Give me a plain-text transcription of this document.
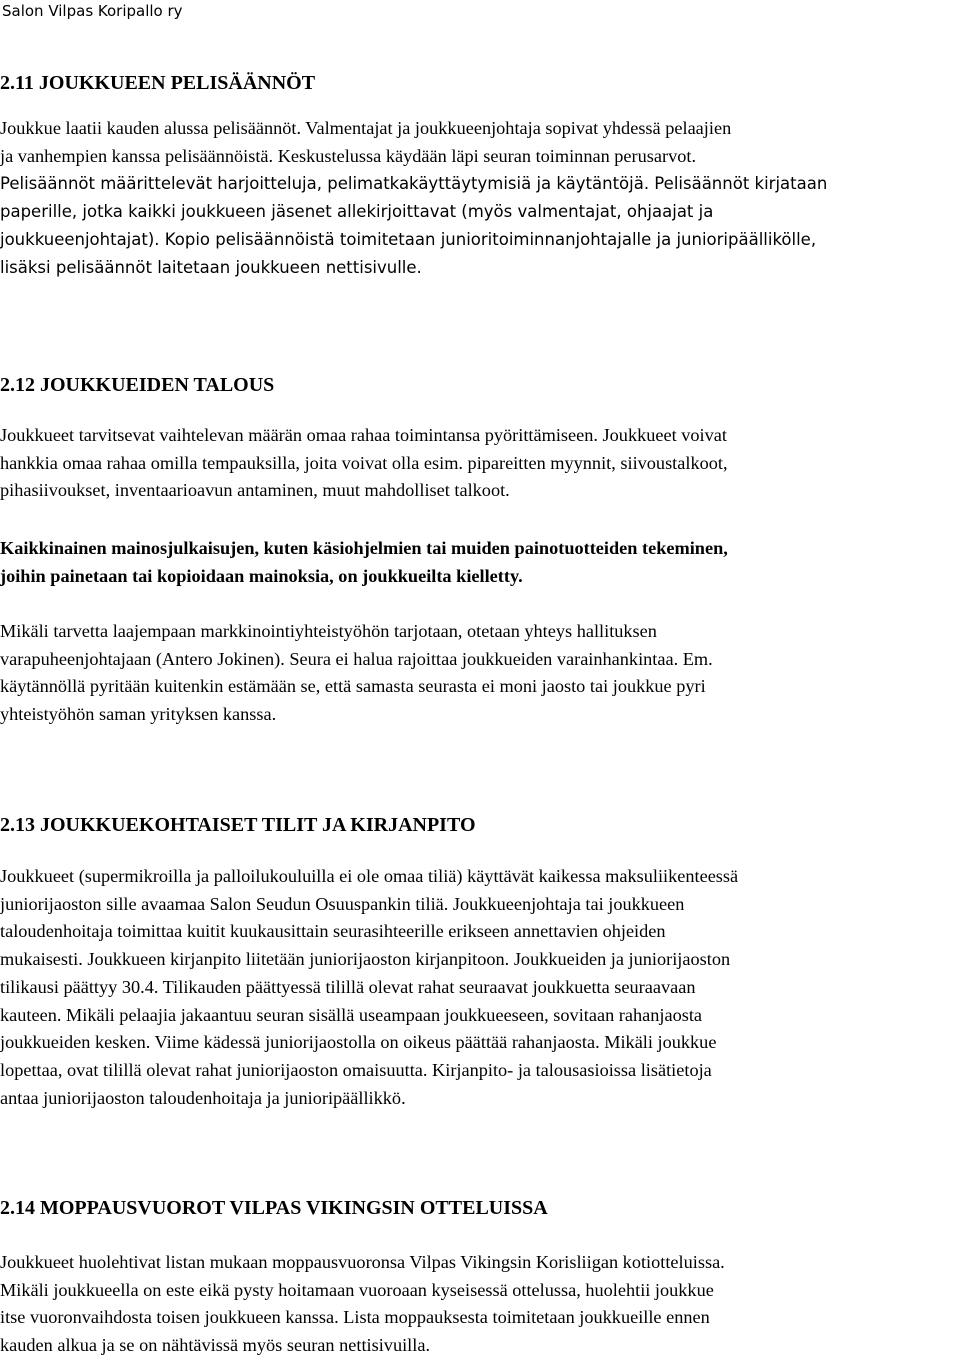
Salon Vilpas Koripallo ry
2.11 JOUKKUEEN PELISÄÄNNÖT

Joukkue laatii kauden alussa pelisäännöt. Valmentajat ja joukkueenjohtaja sopivat yhdessä pelaajien
ja vanhempien kanssa pelisäännöistä. Keskustelussa käydään läpi seuran toiminnan perusarvot.
Pelisäännöt määrittelevät harjoitteluja, pelimatkakäyttäytymisiä ja käytäntöjä. Pelisäännöt kirjataan
paperille, jotka kaikki joukkueen jäsenet allekirjoittavat (myös valmentajat, ohjaajat ja
joukkueenjohtajat). Kopio pelisäännöistä toimitetaan junioritoiminnanjohtajalle ja junioripäällikölle,
lisäksi pelisäännöt laitetaan joukkueen nettisivulle.

2.12 JOUKKUEIDEN TALOUS

Joukkueet tarvitsevat vaihtelevan määrän omaa rahaa toimintansa pyörittämiseen. Joukkueet voivat
hankkia omaa rahaa omilla tempauksilla, joita voivat olla esim. pipareitten myynnit, siivoustalkoot,
pihasiivoukset, inventaarioavun antaminen, muut mahdolliset talkoot.

Kaikkinainen mainosjulkaisujen, kuten käsiohjelmien tai muiden painotuotteiden tekeminen,
joihin painetaan tai kopioidaan mainoksia, on joukkueilta kielletty.

Mikäli tarvetta laajempaan markkinointiyhteistyöhön tarjotaan, otetaan yhteys hallituksen
varapuheenjohtajaan (Antero Jokinen). Seura ei halua rajoittaa joukkueiden varainhankintaa. Em.
käytännöllä pyritään kuitenkin estämään se, että samasta seurasta ei moni jaosto tai joukkue pyri
yhteistyöhön saman yrityksen kanssa.

2.13 JOUKKUEKOHTAISET TILIT JA KIRJANPITO

Joukkueet (supermikroilla ja palloilukouluilla ei ole omaa tiliä) käyttävät kaikessa maksuliikenteessä
juniorijaoston sille avaamaa Salon Seudun Osuuspankin tiliä. Joukkueenjohtaja tai joukkueen
taloudenhoitaja toimittaa kuitit kuukausittain seurasihteerille erikseen annettavien ohjeiden
mukaisesti. Joukkueen kirjanpito liitetään juniorijaoston kirjanpitoon. Joukkueiden ja juniorijaoston
tilikausi päättyy 30.4. Tilikauden päättyessä tilillä olevat rahat seuraavat joukkuetta seuraavaan
kauteen. Mikäli pelaajia jakaantuu seuran sisällä useampaan joukkueeseen, sovitaan rahanjaosta
joukkueiden kesken. Viime kädessä juniorijaostolla on oikeus päättää rahanjaosta. Mikäli joukkue
lopettaa, ovat tilillä olevat rahat juniorijaoston omaisuutta. Kirjanpito- ja talousasioissa lisätietoja
antaa juniorijaoston taloudenhoitaja ja junioripäällikkö.

2.14 MOPPAUSVUOROT VILPAS VIKINGSIN OTTELUISSA

Joukkueet huolehtivat listan mukaan moppausvuoronsa Vilpas Vikingsin Korisliigan kotiotteluissa.
Mikäli joukkueella on este eikä pysty hoitamaan vuoroaan kyseisessä ottelussa, huolehtii joukkue
itse vuoronvaihdosta toisen joukkueen kanssa. Lista moppauksesta toimitetaan joukkueille ennen
kauden alkua ja se on nähtävissä myös seuran nettisivuilla.
